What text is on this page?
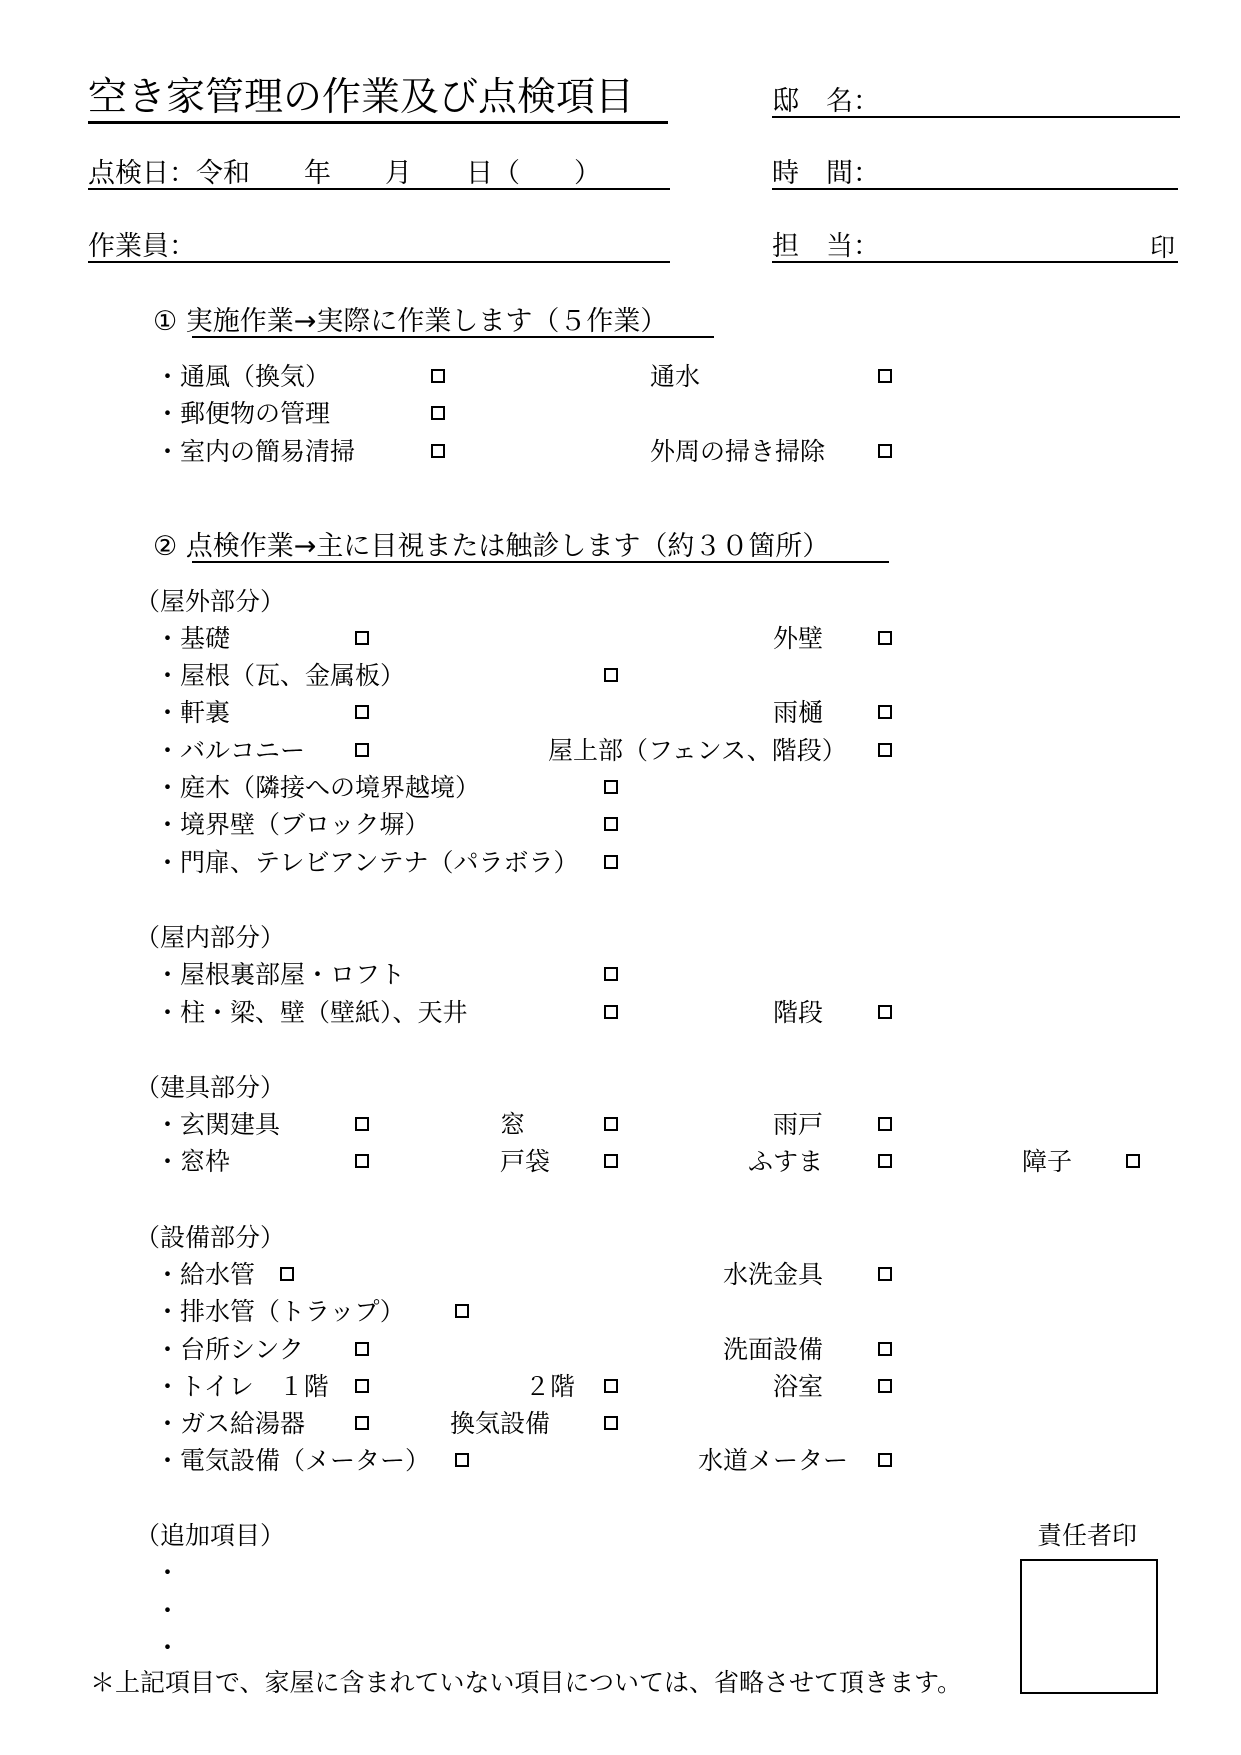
空き家管理の作業及び点検項目	邸　名：
点検日：令和　　年　　月　　日（　　）	時　間：
作業員：	担　当：	印
① 実施作業→実際に作業します（５作業）
・通風（換気）	通水
・郵便物の管理
・室内の簡易清掃	外周の掃き掃除
② 点検作業→主に目視または触診します（約３０箇所）
（屋外部分）
・基礎	外壁
・屋根（瓦、金属板）
・軒裏	雨樋
・バルコニー	屋上部（フェンス、階段）
・庭木（隣接への境界越境）
・境界壁（ブロック塀）
・門扉、テレビアンテナ（パラボラ）
（屋内部分）
・屋根裏部屋・ロフト
・柱・梁、壁（壁紙）、天井	階段
（建具部分）
・玄関建具	窓	雨戸
・窓枠	戸袋	ふすま	障子
（設備部分）
・給水管	水洗金具
・排水管（トラップ）
・台所シンク	洗面設備
・トイレ　１階	２階	浴室
・ガス給湯器	換気設備
・電気設備（メーター）	水道メーター
（追加項目）
・
・
・
＊上記項目で、家屋に含まれていない項目については、省略させて頂きます。
責任者印
